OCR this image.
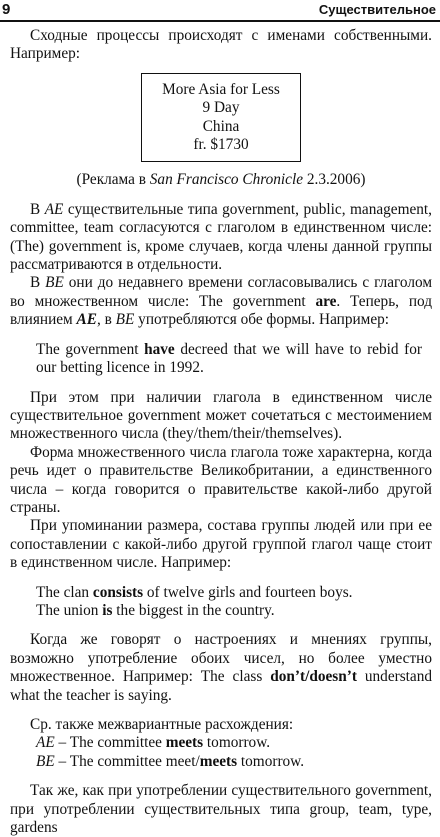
9	Существительное

Сходные процессы происходят с именами собственными. Например:

More Asia for Less
9 Day
China
fr. $1730

(Реклама в San Francisco Chronicle 2.3.2006)

В AE существительные типа government, public, management, committee, team согласуются с глаголом в единственном числе: (The) government is, кроме случаев, когда члены данной группы рассматриваются в отдельности.

В BE они до недавнего времени согласовывались с глаголом во множественном числе: The government are. Теперь, под влиянием AE, в BE употребляются обе формы. Например:

The government have decreed that we will have to rebid for our betting licence in 1992.

При этом при наличии глагола в единственном числе существительное government может сочетаться с местоимением множественного числа (they/them/their/themselves).

Форма множественного числа глагола тоже характерна, когда речь идет о правительстве Великобритании, а единственного числа – когда говорится о правительстве какой-либо другой страны.

При упоминании размера, состава группы людей или при ее сопоставлении с какой-либо другой группой глагол чаще стоит в единственном числе. Например:

The clan consists of twelve girls and fourteen boys.
The union is the biggest in the country.

Когда же говорят о настроениях и мнениях группы, возможно употребление обоих чисел, но более уместно множественное. Например: The class don’t/doesn’t understand what the teacher is saying.

Ср. также межвариантные расхождения:

AE – The committee meets tomorrow.
BE – The committee meet/meets tomorrow.

Так же, как при употреблении существительного government, при употреблении существительных типа group, team, type, gardens
